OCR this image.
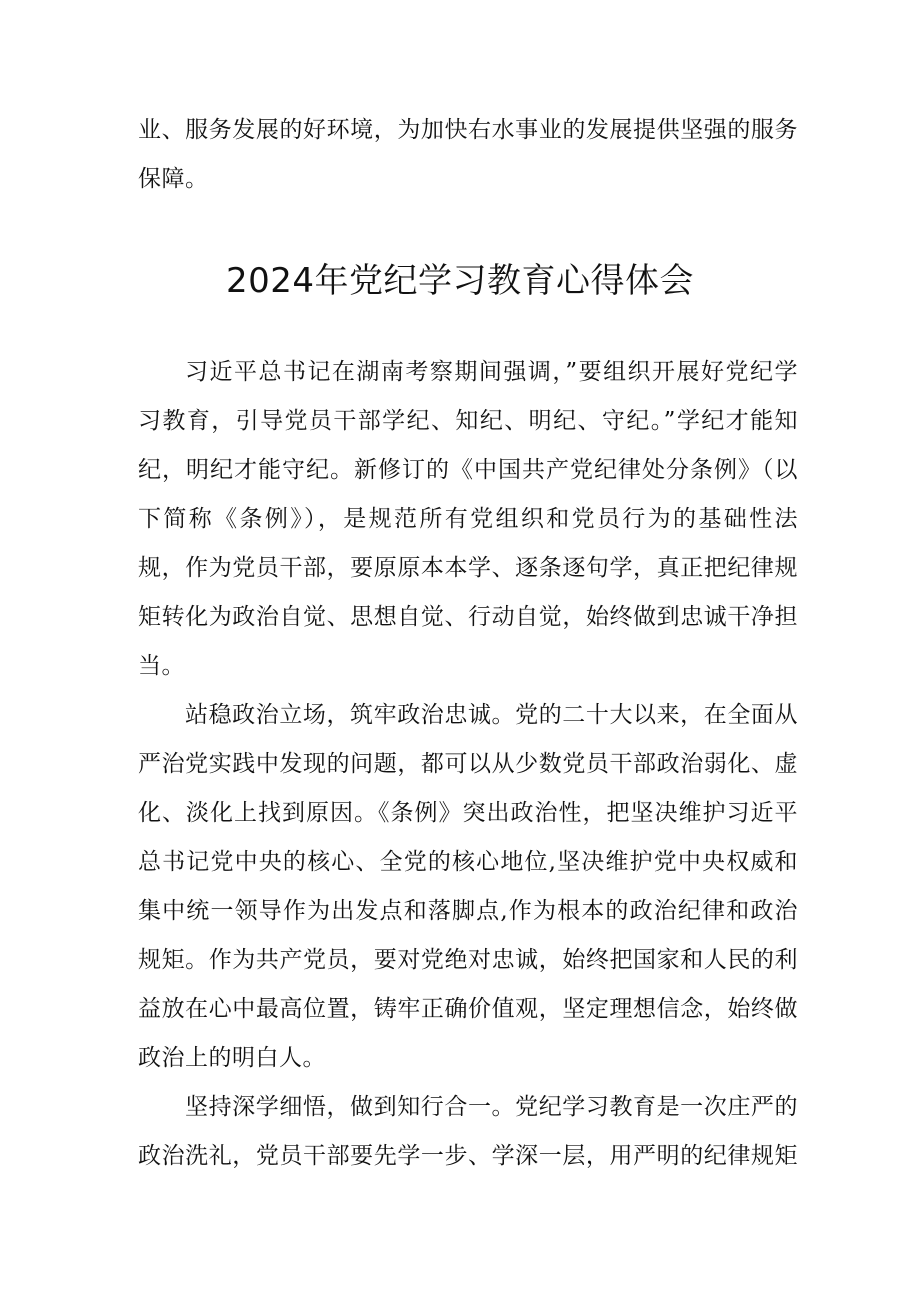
业、服务发展的好环境，为加快右水事业的发展提供坚强的服务
保障。
2024年党纪学习教育心得体会
习近平总书记在湖南考察期间强调，”要组织开展好党纪学
习教育，引导党员干部学纪、知纪、明纪、守纪。”学纪才能知
纪，明纪才能守纪。新修订的《中国共产党纪律处分条例》（以
下简称《条例》），是规范所有党组织和党员行为的基础性法
规，作为党员干部，要原原本本学、逐条逐句学，真正把纪律规
矩转化为政治自觉、思想自觉、行动自觉，始终做到忠诚干净担
当。
站稳政治立场，筑牢政治忠诚。党的二十大以来，在全面从
严治党实践中发现的问题，都可以从少数党员干部政治弱化、虚
化、淡化上找到原因。《条例》突出政治性，把坚决维护习近平
总书记党中央的核心、全党的核心地位,坚决维护党中央权威和
集中统一领导作为出发点和落脚点,作为根本的政治纪律和政治
规矩。作为共产党员，要对党绝对忠诚，始终把国家和人民的利
益放在心中最高位置，铸牢正确价值观，坚定理想信念，始终做
政治上的明白人。
坚持深学细悟，做到知行合一。党纪学习教育是一次庄严的
政治洗礼，党员干部要先学一步、学深一层，用严明的纪律规矩
